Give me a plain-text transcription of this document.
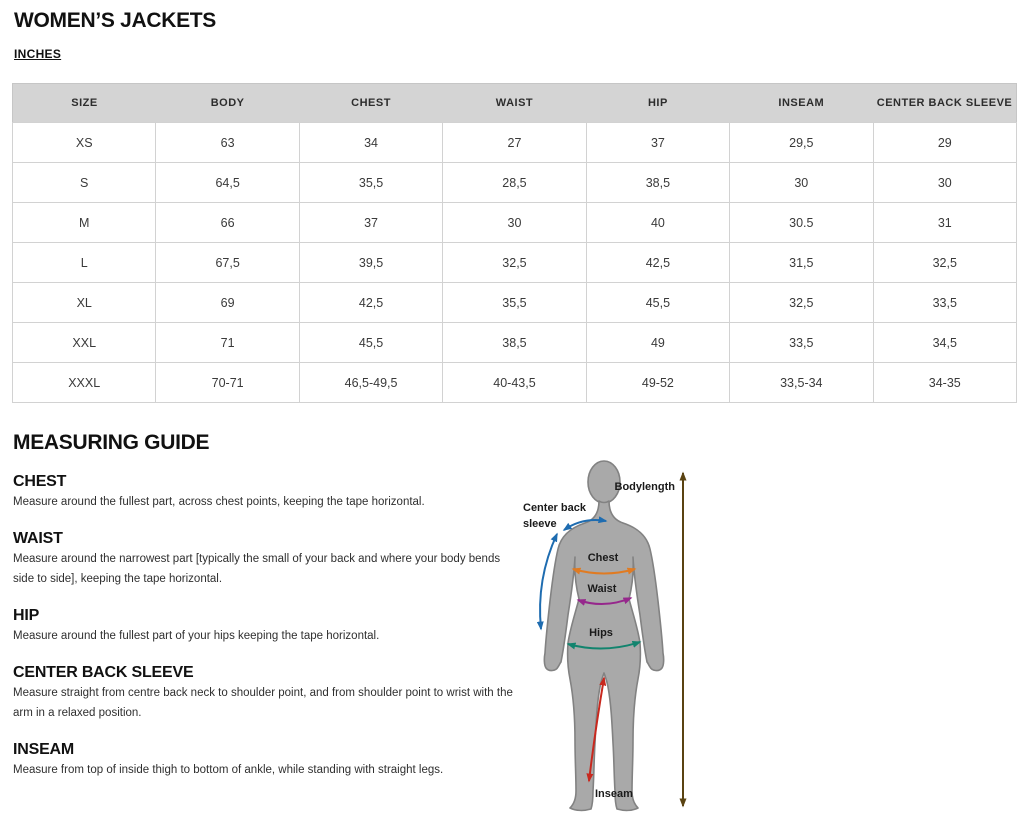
WOMEN’S JACKETS
INCHES
SIZE	BODY	CHEST	WAIST	HIP	INSEAM	CENTER BACK SLEEVE
XS	63	34	27	37	29,5	29
S	64,5	35,5	28,5	38,5	30	30
M	66	37	30	40	30.5	31
L	67,5	39,5	32,5	42,5	31,5	32,5
XL	69	42,5	35,5	45,5	32,5	33,5
XXL	71	45,5	38,5	49	33,5	34,5
XXXL	70-71	46,5-49,5	40-43,5	49-52	33,5-34	34-35
MEASURING GUIDE
CHEST

Measure around the fullest part, across chest points, keeping the tape horizontal.

WAIST

Measure around the narrowest part [typically the small of your back and where your body bends side to side], keeping the tape horizontal.

HIP

Measure around the fullest part of your hips keeping the tape horizontal.

CENTER BACK SLEEVE

Measure straight from centre back neck to shoulder point, and from shoulder point to wrist with the arm in a relaxed position.

INSEAM

Measure from top of inside thigh to bottom of ankle, while standing with straight legs.

Bodylength
Center back
sleeve
Chest
Waist
Hips
Inseam
